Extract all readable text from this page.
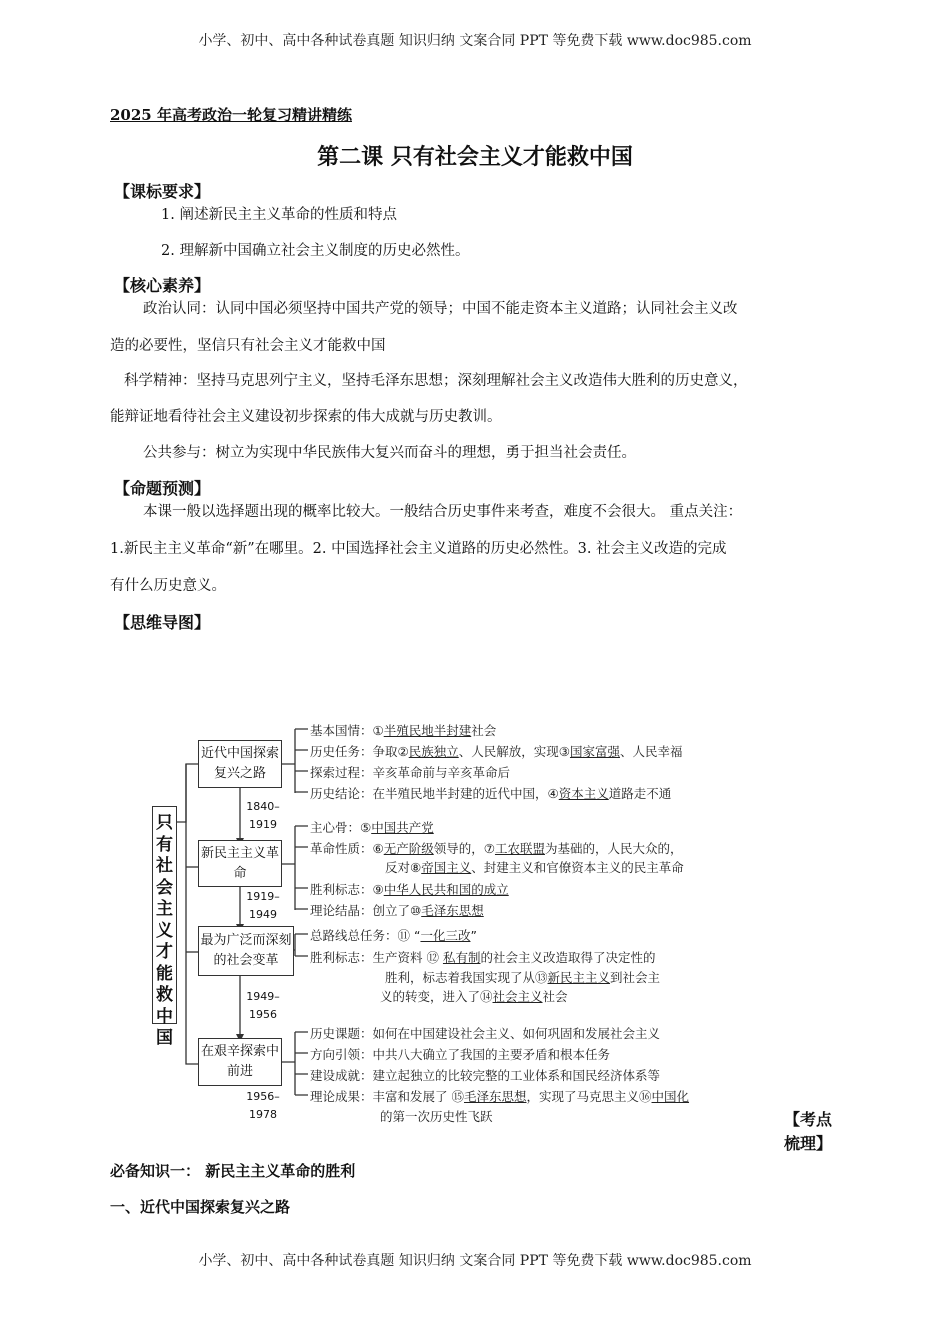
小学、初中、高中各种试卷真题 知识归纳 文案合同 PPT 等免费下载 www.doc985.com
2025 年高考政治一轮复习精讲精练
第二课 只有社会主义才能救中国
【课标要求】
1. 阐述新民主主义革命的性质和特点
2. 理解新中国确立社会主义制度的历史必然性。
【核心素养】
政治认同：认同中国必须坚持中国共产党的领导；中国不能走资本主义道路；认同社会主义改
造的必要性，坚信只有社会主义才能救中国
科学精神：坚持马克思列宁主义，坚持毛泽东思想；深刻理解社会主义改造伟大胜利的历史意义，
能辩证地看待社会主义建设初步探索的伟大成就与历史教训。
公共参与：树立为实现中华民族伟大复兴而奋斗的理想，勇于担当社会责任。
【命题预测】
本课一般以选择题出现的概率比较大。一般结合历史事件来考查，难度不会很大。 重点关注：
1.新民主主义革命“新”在哪里。2. 中国选择社会主义道路的历史必然性。3. 社会主义改造的完成
有什么历史意义。
【思维导图】
只有社会主义才能救中国
近代中国探索复兴之路
新民主主义革命
最为广泛而深刻的社会变革
在艰辛探索中前进
1840–
1919
1919–
1949
1949–
1956
1956–
1978
基本国情：①半殖民地半封建社会
历史任务：争取②民族独立、人民解放，实现③国家富强、人民幸福
探索过程：辛亥革命前与辛亥革命后
历史结论：在半殖民地半封建的近代中国，④资本主义道路走不通
主心骨：⑤中国共产党
革命性质：⑥无产阶级领导的，⑦工农联盟为基础的，人民大众的，
反对⑧帝国主义、封建主义和官僚资本主义的民主革命
胜利标志：⑨中华人民共和国的成立
理论结晶：创立了⑩毛泽东思想
总路线总任务：⑪ “一化三改”
胜利标志：生产资料 ⑫ 私有制的社会主义改造取得了决定性的
胜利，标志着我国实现了从⑬新民主主义到社会主
义的转变，进入了⑭社会主义社会
历史课题：如何在中国建设社会主义、如何巩固和发展社会主义
方向引领：中共八大确立了我国的主要矛盾和根本任务
建设成就：建立起独立的比较完整的工业体系和国民经济体系等
理论成果：丰富和发展了 ⑮毛泽东思想，实现了马克思主义⑯中国化
的第一次历史性飞跃	【考点
梳理】
必备知识一： 新民主主义革命的胜利
一、近代中国探索复兴之路
小学、初中、高中各种试卷真题 知识归纳 文案合同 PPT 等免费下载 www.doc985.com
